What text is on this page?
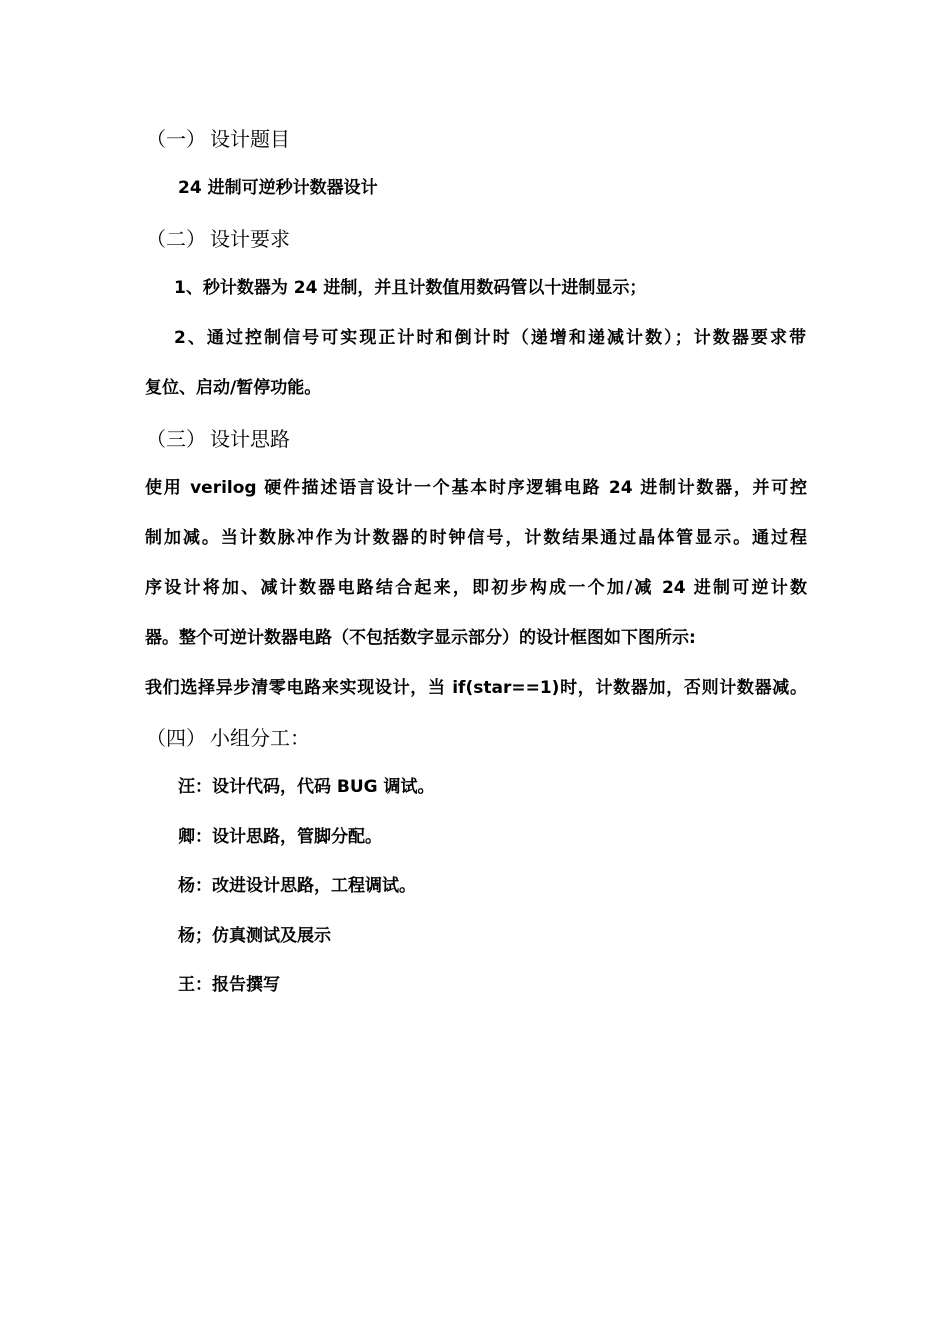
（一） 设计题目
24 进制可逆秒计数器设计
（二） 设计要求
1、秒计数器为 24 进制，并且计数值用数码管以十进制显示；
2、通过控制信号可实现正计时和倒计时（递增和递减计数）；计数器要求带
复位、启动/暂停功能。
（三） 设计思路
使用 verilog 硬件描述语言设计一个基本时序逻辑电路 24 进制计数器，并可控
制加减。当计数脉冲作为计数器的时钟信号，计数结果通过晶体管显示。通过程
序设计将加、减计数器电路结合起来，即初步构成一个加/减 24 进制可逆计数
器。整个可逆计数器电路（不包括数字显示部分）的设计框图如下图所示:
我们选择异步清零电路来实现设计，当 if(star==1)时，计数器加，否则计数器减。
（四） 小组分工：
汪：设计代码，代码 BUG 调试。
卿：设计思路，管脚分配。
杨：改进设计思路，工程调试。
杨；仿真测试及展示
王：报告撰写
